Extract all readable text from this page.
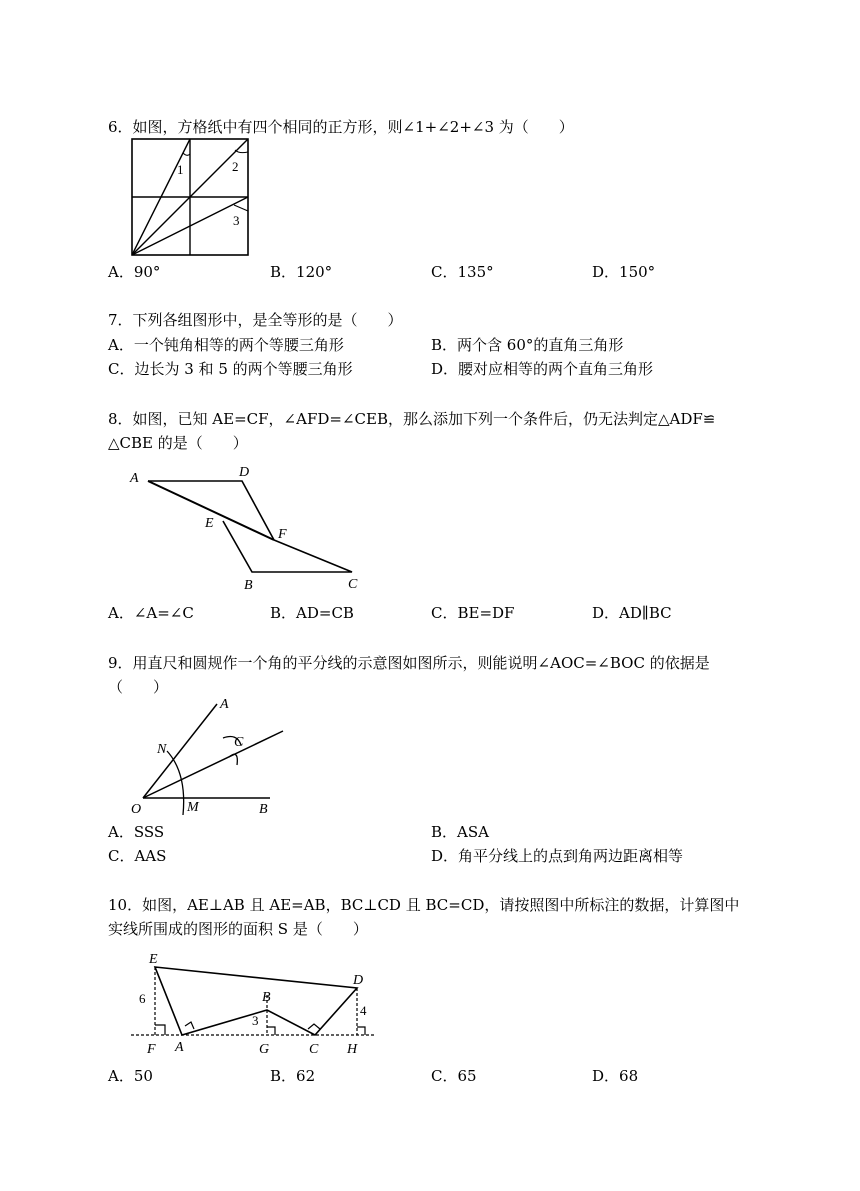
6．如图，方格纸中有四个相同的正方形，则∠1+∠2+∠3 为（　　）
1	2
3
A．90°	B．120°	C．135°	D．150°
7．下列各组图形中，是全等形的是（　　）
A．一个钝角相等的两个等腰三角形	B．两个含 60°的直角三角形
C．边长为 3 和 5 的两个等腰三角形	D．腰对应相等的两个直角三角形
8．如图，已知 AE=CF，∠AFD=∠CEB，那么添加下列一个条件后，仍无法判定△ADF≌
△CBE 的是（　　）
A	D
E
F
B	C
A．∠A=∠C	B．AD=CB	C．BE=DF	D．AD∥BC
9．用直尺和圆规作一个角的平分线的示意图如图所示，则能说明∠AOC=∠BOC 的依据是
（　　）
A
N	C
O	M	B
A．SSS	B．ASA
C．AAS	D．角平分线上的点到角两边距离相等
10．如图，AE⊥AB 且 AE=AB，BC⊥CD 且 BC=CD，请按照图中所标注的数据，计算图中
实线所围成的图形的面积 S 是（　　）
E
D
B
F A	G	C H
6
3
4
A．50	B．62	C．65	D．68
